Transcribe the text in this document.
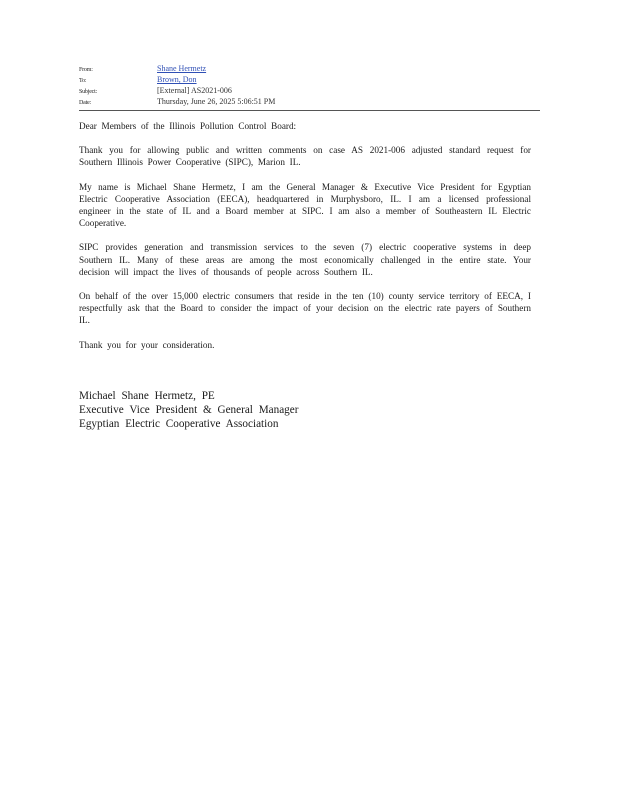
From:	Shane Hermetz
To:	Brown, Don
Subject:	[External] AS2021-006
Date:	Thursday, June 26, 2025 5:06:51 PM

Dear Members of the Illinois Pollution Control Board:

Thank you for allowing public and written comments on case AS 2021-006 adjusted standard request for Southern Illinois Power Cooperative (SIPC), Marion IL.

My name is Michael Shane Hermetz, I am the General Manager & Executive Vice President for Egyptian Electric Cooperative Association (EECA), headquartered in Murphysboro, IL. I am a licensed professional engineer in the state of IL and a Board member at SIPC. I am also a member of Southeastern IL Electric Cooperative.

SIPC provides generation and transmission services to the seven (7) electric cooperative systems in deep Southern IL. Many of these areas are among the most economically challenged in the entire state. Your decision will impact the lives of thousands of people across Southern IL.

On behalf of the over 15,000 electric consumers that reside in the ten (10) county service territory of EECA, I respectfully ask that the Board to consider the impact of your decision on the electric rate payers of Southern IL.

Thank you for your consideration.

Michael Shane Hermetz, PE
Executive Vice President & General Manager
Egyptian Electric Cooperative Association
